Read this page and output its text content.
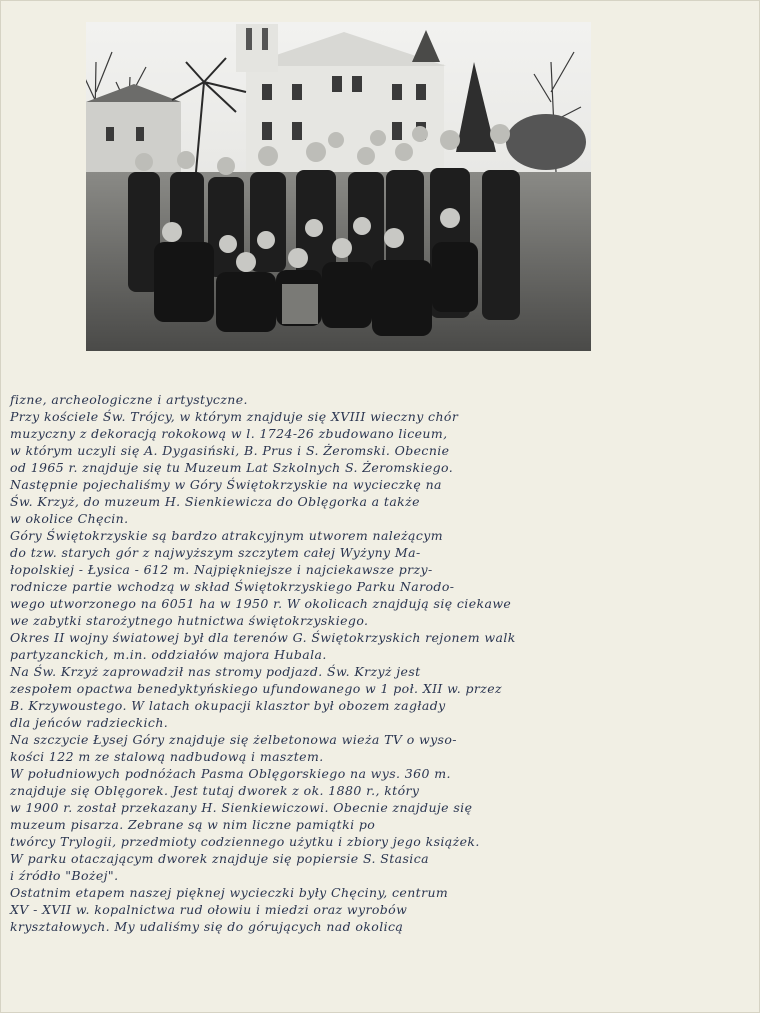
fizne, archeologiczne i artystyczne.
Przy kościele Św. Trójcy, w którym znajduje się XVIII wieczny chór
muzyczny z dekoracją rokokową w l. 1724-26 zbudowano liceum,
w którym uczyli się A. Dygasiński, B. Prus i S. Żeromski. Obecnie
od 1965 r. znajduje się tu Muzeum Lat Szkolnych S. Żeromskiego.
Następnie pojechaliśmy w Góry Świętokrzyskie na wycieczkę na
Św. Krzyż, do muzeum H. Sienkiewicza do Oblęgorka a także
w okolice Chęcin.
Góry Świętokrzyskie są bardzo atrakcyjnym utworem należącym
do tzw. starych gór z najwyższym szczytem całej Wyżyny Ma-
łopolskiej - Łysica - 612 m. Najpiękniejsze i najciekawsze przy-
rodnicze partie wchodzą w skład Świętokrzyskiego Parku Narodo-
wego utworzonego na 6051 ha w 1950 r. W okolicach znajdują się ciekawe
we zabytki starożytnego hutnictwa świętokrzyskiego.
Okres II wojny światowej był dla terenów G. Świętokrzyskich rejonem walk
partyzanckich, m.in. oddziałów majora Hubala.
Na Św. Krzyż zaprowadził nas stromy podjazd. Św. Krzyż jest
zespołem opactwa benedyktyńskiego ufundowanego w 1 poł. XII w. przez
B. Krzywoustego. W latach okupacji klasztor był obozem zagłady
dla jeńców radzieckich.
Na szczycie Łysej Góry znajduje się żelbetonowa wieża TV o wyso-
kości 122 m ze stalową nadbudową i masztem.
W południowych podnóżach Pasma Oblęgorskiego na wys. 360 m.
znajduje się Oblęgorek. Jest tutaj dworek z ok. 1880 r., który
w 1900 r. został przekazany H. Sienkiewiczowi. Obecnie znajduje się
muzeum pisarza. Zebrane są w nim liczne pamiątki po
twórcy Trylogii, przedmioty codziennego użytku i zbiory jego książek.
W parku otaczającym dworek znajduje się popiersie S. Stasica
i źródło "Bożej".
Ostatnim etapem naszej pięknej wycieczki były Chęciny, centrum
XV - XVII w. kopalnictwa rud ołowiu i miedzi oraz wyrobów
kryształowych. My udaliśmy się do górujących nad okolicą
